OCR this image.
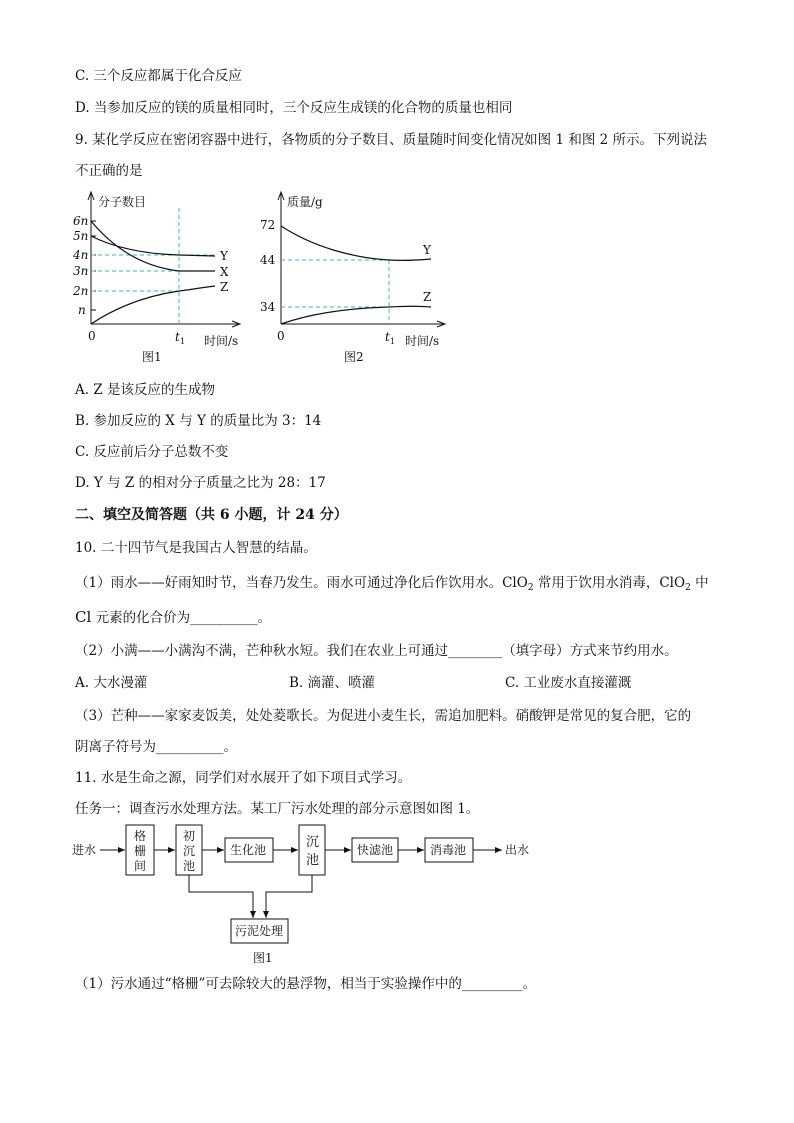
C. 三个反应都属于化合反应
D. 当参加反应的镁的质量相同时，三个反应生成镁的化合物的质量也相同
9. 某化学反应在密闭容器中进行，各物质的分子数目、质量随时间变化情况如图 1 和图 2 所示。下列说法
不正确的是
6n
5n
4n
3n
2n
n
分子数目
0	t 1 时间/s
Y
X
Z
图1
72
44
34
质量/g
0	t 1 时间/s
Y
Z
图2
A. Z 是该反应的生成物
B. 参加反应的 X 与 Y 的质量比为 3：14
C. 反应前后分子总数不变
D. Y 与 Z 的相对分子质量之比为 28：17
二、填空及简答题（共 6 小题，计 24 分）
10. 二十四节气是我国古人智慧的结晶。
（1）雨水——好雨知时节，当春乃发生。雨水可通过净化后作饮用水。ClO$_2$ 常用于饮用水消毒，ClO$_2$ 中
Cl 元素的化合价为__________。
（2）小满——小满沟不满，芒种秋水短。我们在农业上可通过________（填字母）方式来节约用水。
A. 大水漫灌	B. 滴灌、喷灌	C. 工业废水直接灌溉
（3）芒种——家家麦饭美，处处菱歌长。为促进小麦生长，需追加肥料。硝酸钾是常见的复合肥，它的
阴离子符号为__________。
11. 水是生命之源，同学们对水展开了如下项目式学习。
任务一：调查污水处理方法。某工厂污水处理的部分示意图如图 1。
进水
格
栅
间
初
沉
池
生化池	沉
池
快滤池	消毒池	出水
污泥处理
图1
（1）污水通过“格栅”可去除较大的悬浮物，相当于实验操作中的_________。
